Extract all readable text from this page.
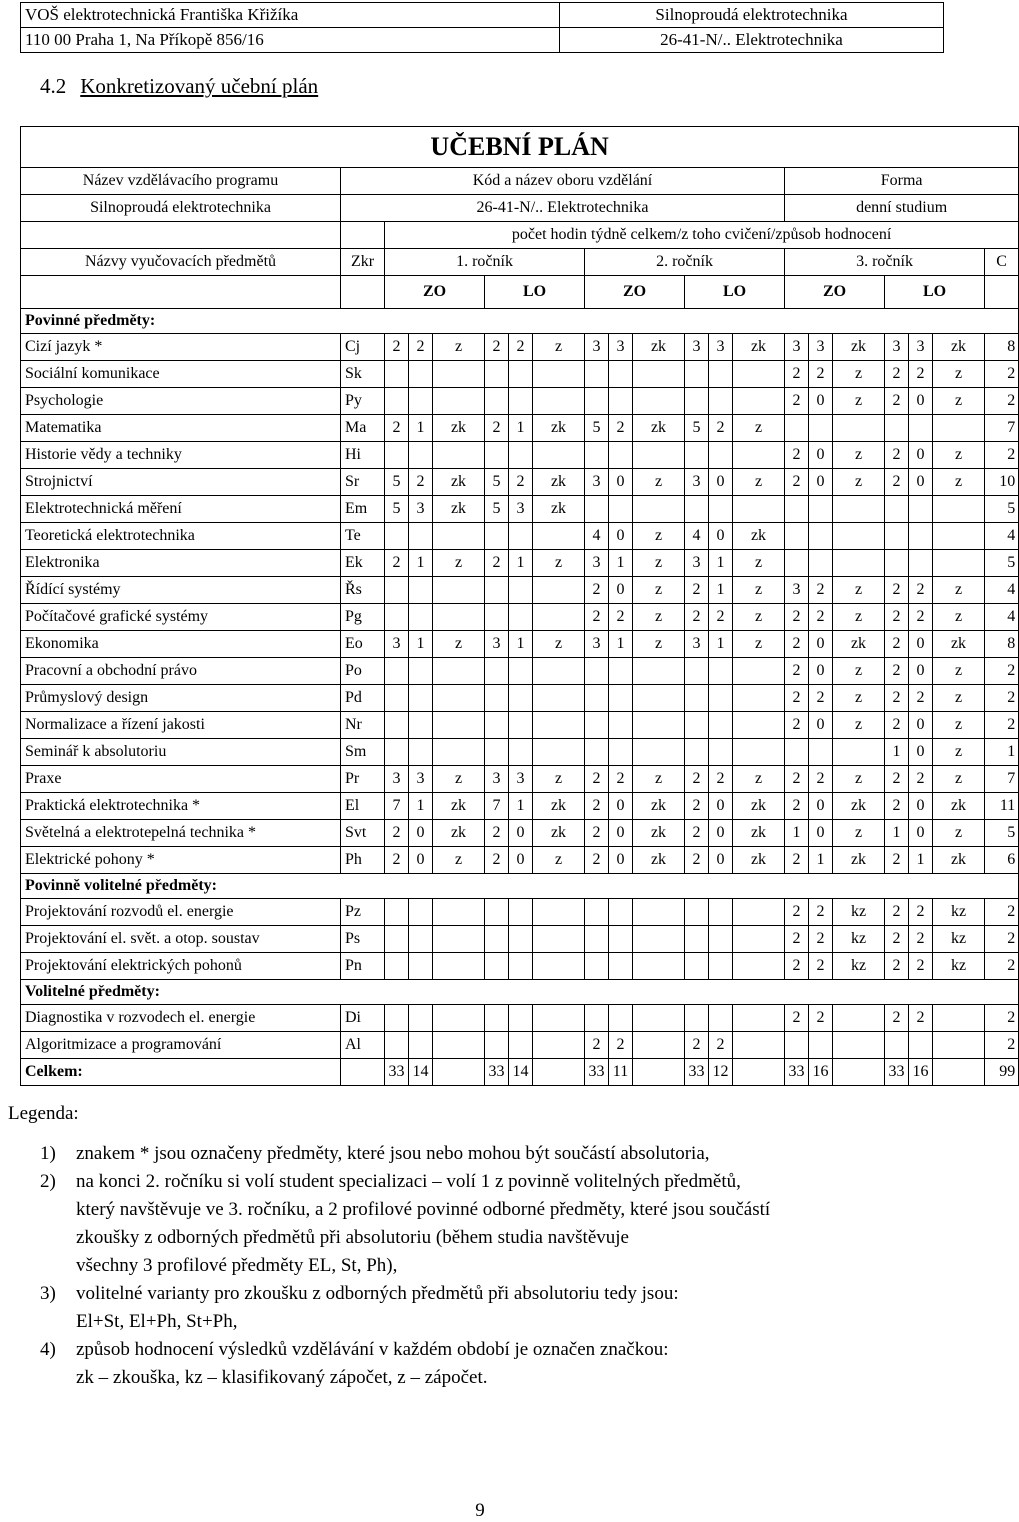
VOŠ elektrotechnická Františka Křižíka	Silnoproudá elektrotechnika
110 00 Praha 1, Na Příkopě 856/16	26-41-N/.. Elektrotechnika
4.2 Konkretizovaný učební plán
UČEBNÍ PLÁN																				
Název vzdělávacího programu	Kód a název oboru vzdělání													Forma						
Silnoproudá elektrotechnika	26-41-N/.. Elektrotechnika													denní studium						
		počet hodin týdně celkem/z toho cvičení/způsob hodnocení																		
Názvy vyučovacích předmětů	Zkr	1. ročník						2. ročník						3. ročník						C
		ZO			LO			ZO			LO			ZO			LO			
Povinné předměty:																				
Cizí jazyk *	Cj	2	2	z	2	2	z	3	3	zk	3	3	zk	3	3	zk	3	3	zk	8
Sociální komunikace	Sk													2	2	z	2	2	z	2
Psychologie	Py													2	0	z	2	0	z	2
Matematika	Ma	2	1	zk	2	1	zk	5	2	zk	5	2	z							7
Historie vědy a techniky	Hi													2	0	z	2	0	z	2
Strojnictví	Sr	5	2	zk	5	2	zk	3	0	z	3	0	z	2	0	z	2	0	z	10
Elektrotechnická měření	Em	5	3	zk	5	3	zk													5
Teoretická elektrotechnika	Te							4	0	z	4	0	zk							4
Elektronika	Ek	2	1	z	2	1	z	3	1	z	3	1	z							5
Řídící systémy	Řs							2	0	z	2	1	z	3	2	z	2	2	z	4
Počítačové grafické systémy	Pg							2	2	z	2	2	z	2	2	z	2	2	z	4
Ekonomika	Eo	3	1	z	3	1	z	3	1	z	3	1	z	2	0	zk	2	0	zk	8
Pracovní a obchodní právo	Po													2	0	z	2	0	z	2
Průmyslový design	Pd													2	2	z	2	2	z	2
Normalizace a řízení jakosti	Nr													2	0	z	2	0	z	2
Seminář k absolutoriu	Sm																1	0	z	1
Praxe	Pr	3	3	z	3	3	z	2	2	z	2	2	z	2	2	z	2	2	z	7
Praktická elektrotechnika *	El	7	1	zk	7	1	zk	2	0	zk	2	0	zk	2	0	zk	2	0	zk	11
Světelná a elektrotepelná technika *	Svt	2	0	zk	2	0	zk	2	0	zk	2	0	zk	1	0	z	1	0	z	5
Elektrické pohony *	Ph	2	0	z	2	0	z	2	0	zk	2	0	zk	2	1	zk	2	1	zk	6
Povinně volitelné předměty:																				
Projektování rozvodů el. energie	Pz													2	2	kz	2	2	kz	2
Projektování el. svět. a otop. soustav	Ps													2	2	kz	2	2	kz	2
Projektování elektrických pohonů	Pn													2	2	kz	2	2	kz	2
Volitelné předměty:																				
Diagnostika v rozvodech el. energie	Di													2	2		2	2		2
Algoritmizace a programování	Al							2	2		2	2								2
Celkem:		33	14		33	14		33	11		33	12		33	16		33	16		99
Legenda:
1) znakem * jsou označeny předměty, které jsou nebo mohou být součástí absolutoria,
2) na konci 2. ročníku si volí student specializaci – volí 1 z povinně volitelných předmětů,
který navštěvuje ve 3. ročníku, a 2 profilové povinné odborné předměty, které jsou součástí
zkoušky z odborných předmětů při absolutoriu (během studia navštěvuje
všechny 3 profilové předměty EL, St, Ph),
3) volitelné varianty pro zkoušku z odborných předmětů při absolutoriu tedy jsou:
El+St, El+Ph, St+Ph,
4) způsob hodnocení výsledků vzdělávání v každém období je označen značkou:
zk – zkouška, kz – klasifikovaný zápočet, z – zápočet.
9
